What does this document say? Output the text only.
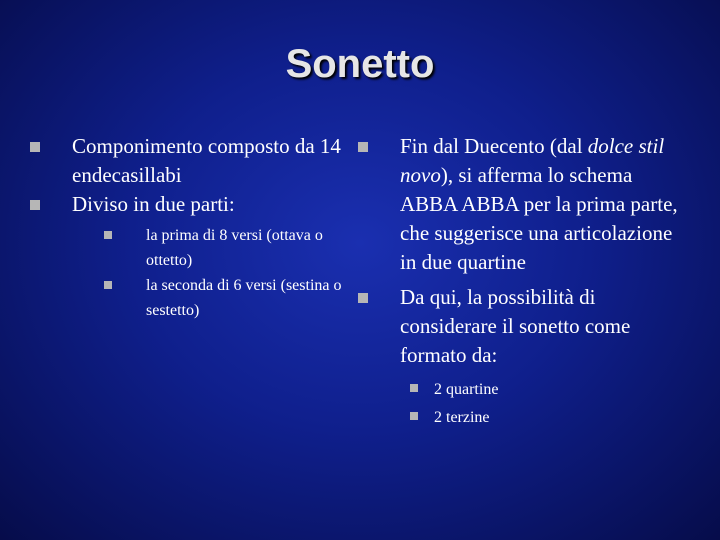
Sonetto
Componimento composto da 14 endecasillabi
Diviso in due parti:
la prima di 8 versi (ottava o ottetto)
la seconda di 6 versi (sestina o sestetto)
Fin dal Duecento (dal dolce stil novo), si afferma lo schema ABBA ABBA per la prima parte, che suggerisce una articolazione in due quartine
Da qui, la possibilità di considerare il sonetto come formato da:
2 quartine
2 terzine
